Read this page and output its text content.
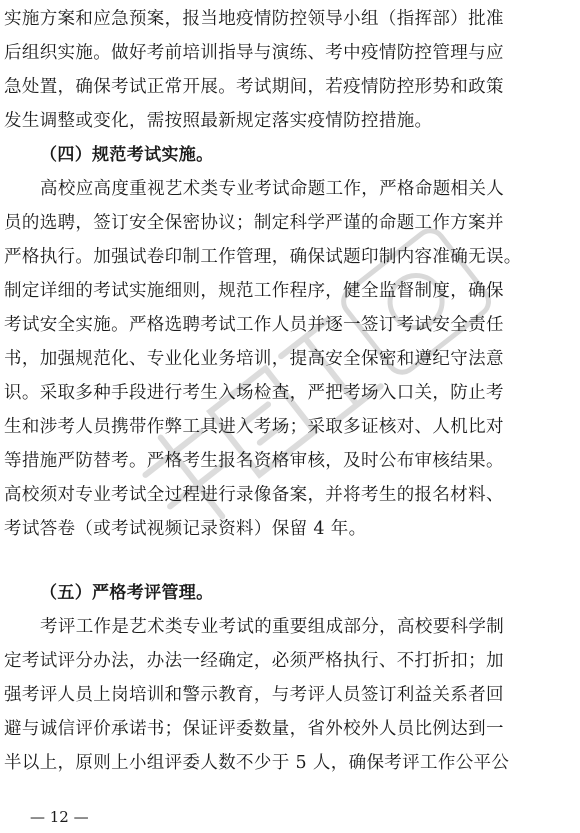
实施方案和应急预案，报当地疫情防控领导小组（指挥部）批准
后组织实施。做好考前培训指导与演练、考中疫情防控管理与应
急处置，确保考试正常开展。考试期间，若疫情防控形势和政策
发生调整或变化，需按照最新规定落实疫情防控措施。
（四）规范考试实施。
高校应高度重视艺术类专业考试命题工作，严格命题相关人
员的选聘，签订安全保密协议；制定科学严谨的命题工作方案并
严格执行。加强试卷印制工作管理，确保试题印制内容准确无误。
制定详细的考试实施细则，规范工作程序，健全监督制度，确保
考试安全实施。严格选聘考试工作人员并逐一签订考试安全责任
书，加强规范化、专业化业务培训，提高安全保密和遵纪守法意
识。采取多种手段进行考生入场检查，严把考场入口关，防止考
生和涉考人员携带作弊工具进入考场；采取多证核对、人机比对
等措施严防替考。严格考生报名资格审核，及时公布审核结果。
高校须对专业考试全过程进行录像备案，并将考生的报名材料、
考试答卷（或考试视频记录资料）保留 4 年。
（五）严格考评管理。
考评工作是艺术类专业考试的重要组成部分，高校要科学制
定考试评分办法，办法一经确定，必须严格执行、不打折扣；加
强考评人员上岗培训和警示教育，与考评人员签订利益关系者回
避与诚信评价承诺书；保证评委数量，省外校外人员比例达到一
半以上，原则上小组评委人数不少于 5 人，确保考评工作公平公
— 12 —
